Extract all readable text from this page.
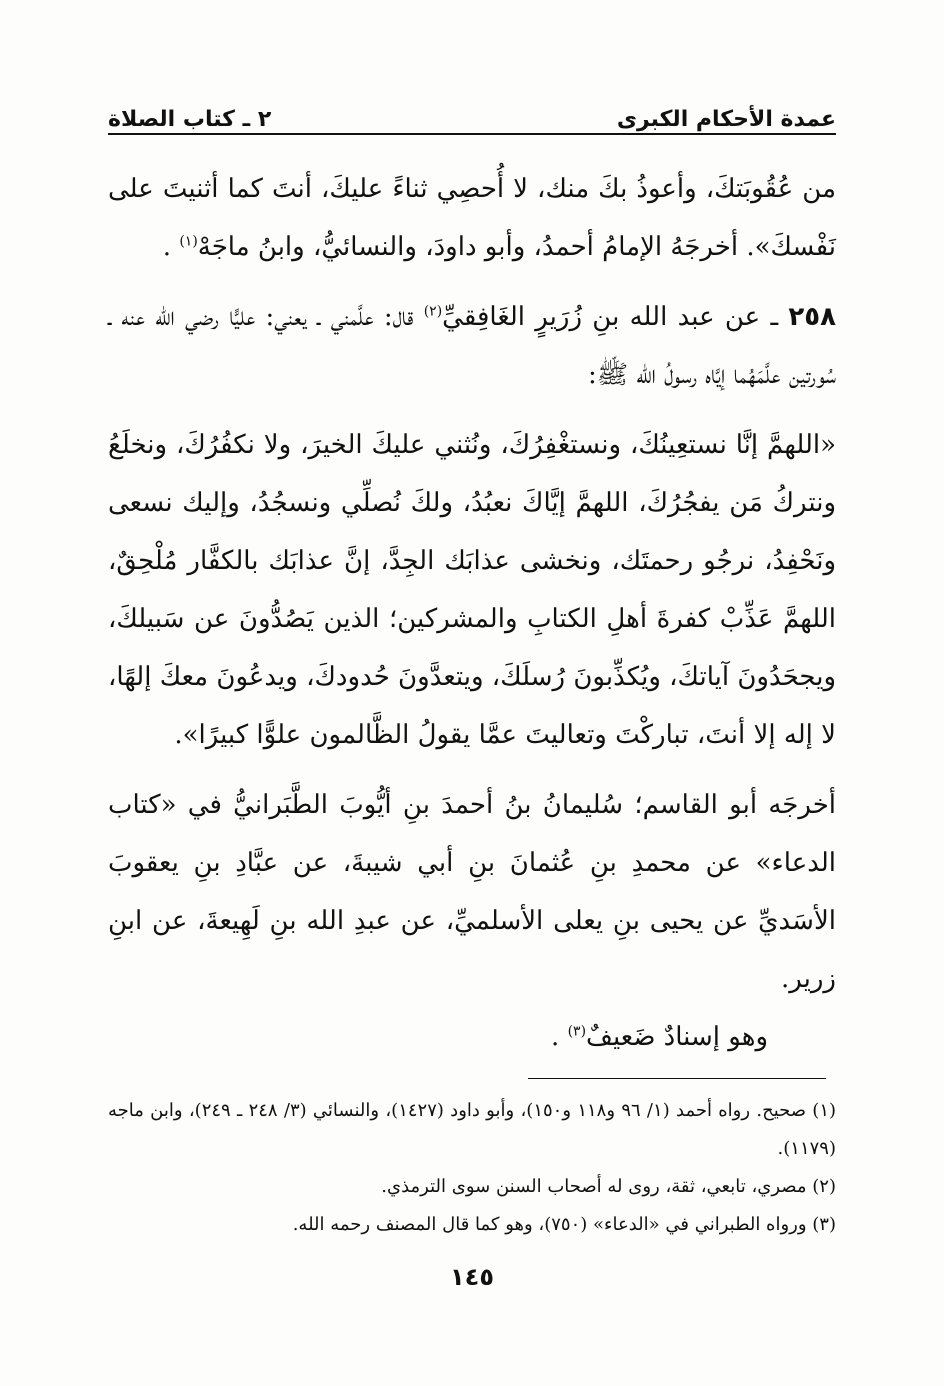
عمدة الأحكام الكبرى
٢ ـ كتاب الصلاة

من عُقُوبَتكَ، وأعوذُ بكَ منك، لا أُحصِي ثناءً عليكَ، أنتَ كما أثنيتَ على نَفْسكَ». أخرجَهُ الإمامُ أحمدُ، وأبو داودَ، والنسائيُّ، وابنُ ماجَهْ$^{(١)}$ .

٢٥٨ ـ عن عبد الله بنِ زُرَيرٍ الغَافِقيِّ$^{(٢)}$ قال: علَّمني ـ يعني: عليًّا رضي الله عنه ـ سُورتين علَّمَهُما إيَّاه رسولُ الله ﷺ:

«اللهمَّ إنَّا نستعِينُكَ، ونستغْفِرُكَ، ونُثني عليكَ الخيرَ، ولا نكفُرُكَ، ونخلَعُ ونتركُ مَن يفجُرُكَ، اللهمَّ إيَّاكَ نعبُدُ، ولكَ نُصلِّي ونسجُدُ، وإليك نسعى ونَحْفِدُ، نرجُو رحمتَك، ونخشى عذابَك الجِدَّ، إنَّ عذابَك بالكفَّار مُلْحِقٌ، اللهمَّ عَذِّبْ كفرةَ أهلِ الكتابِ والمشركين؛ الذين يَصُدُّونَ عن سَبيلكَ، ويجحَدُونَ آياتكَ، ويُكذِّبونَ رُسلَكَ، ويتعدَّونَ حُدودكَ، ويدعُونَ معكَ إلهًا، لا إله إلا أنتَ، تباركْتَ وتعاليتَ عمَّا يقولُ الظَّالمون علوًّا كبيرًا».

أخرجَه أبو القاسم؛ سُليمانُ بنُ أحمدَ بنِ أيُّوبَ الطَّبَرانيُّ في «كتاب الدعاء» عن محمدِ بنِ عُثمانَ بنِ أبي شيبةَ، عن عبَّادِ بنِ يعقوبَ الأسَديِّ عن يحيى بنِ يعلى الأسلميِّ، عن عبدِ الله بنِ لَهِيعةَ، عن ابنِ زرير.

وهو إسنادٌ ضَعيفٌ$^{(٣)}$ .

(١) صحيح. رواه أحمد (١/ ٩٦ و١١٨ و١٥٠)، وأبو داود (١٤٢٧)، والنسائي (٣/ ٢٤٨ ـ ٢٤٩)، وابن ماجه (١١٧٩).

(٢) مصري، تابعي، ثقة، روى له أصحاب السنن سوى الترمذي.

(٣) ورواه الطبراني في «الدعاء» (٧٥٠)، وهو كما قال المصنف رحمه الله.

١٤٥
